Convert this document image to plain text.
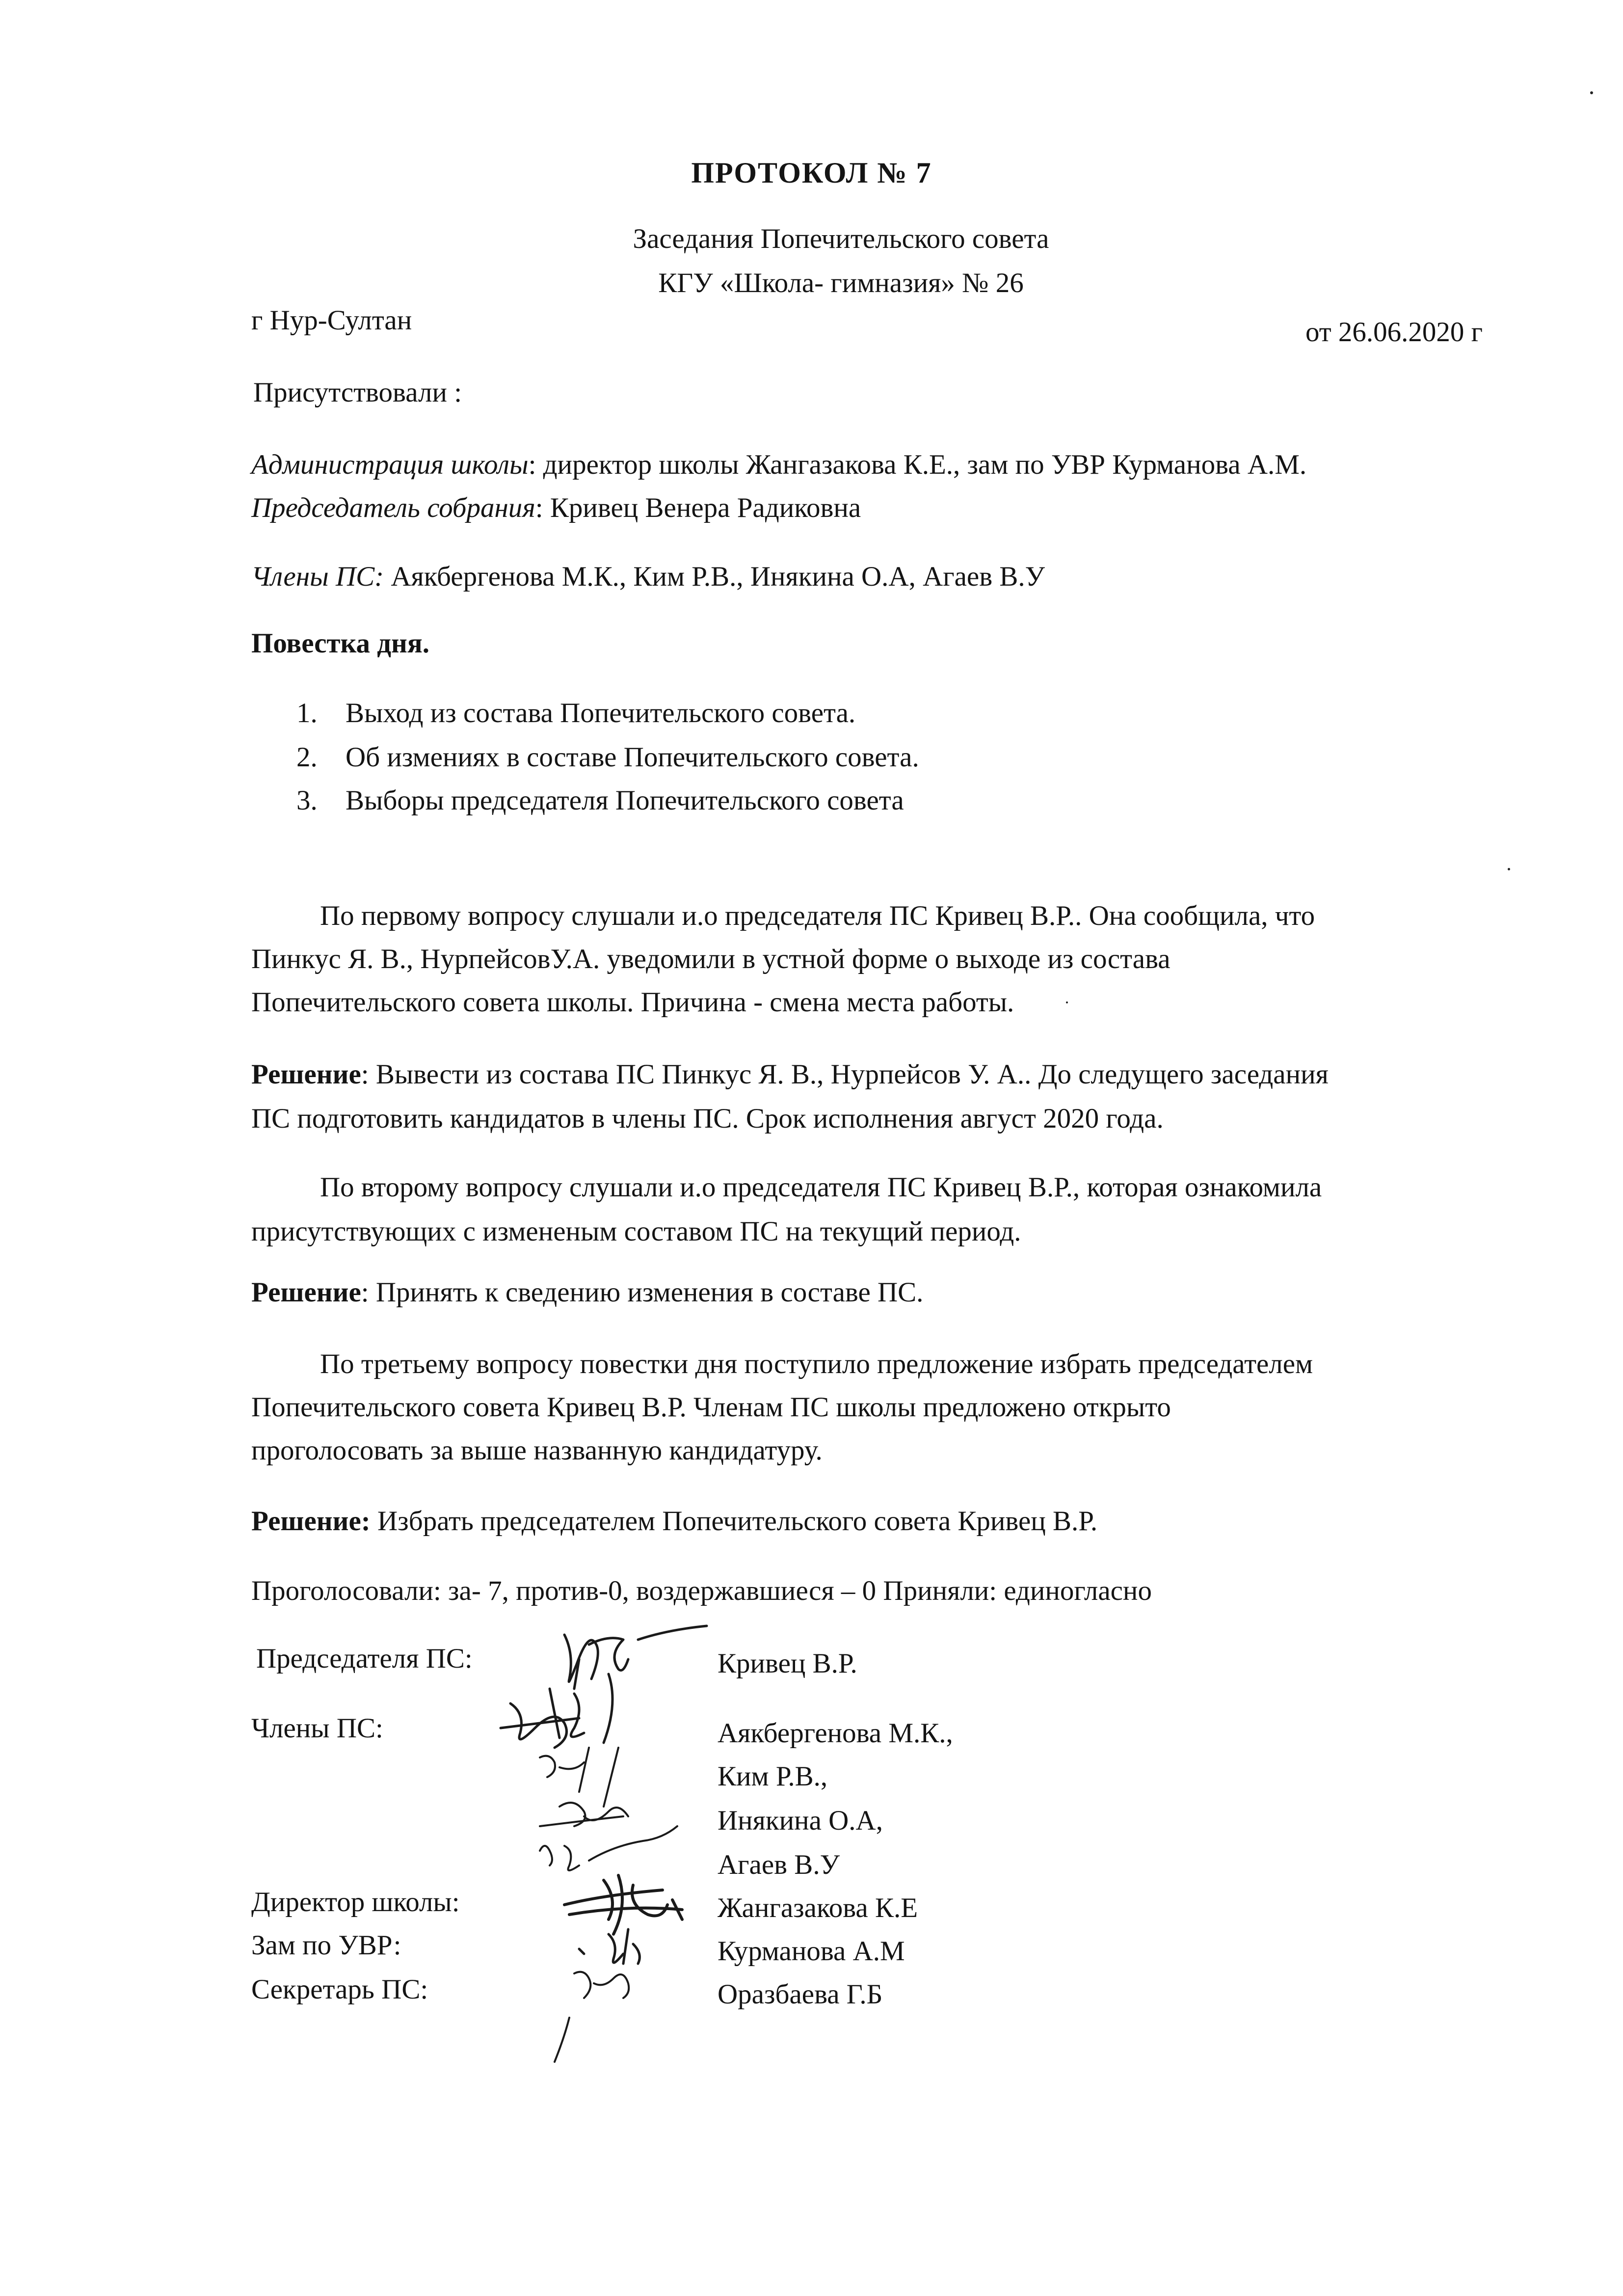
ПРОТОКОЛ № 7
Заседания Попечительского совета
КГУ «Школа- гимназия» № 26
г Нур-Султан	от 26.06.2020 г
Присутствовали :
Администрация школы: директор школы Жангазакова К.Е., зам по УВР Курманова А.М.
Председатель собрания: Кривец Венера Радиковна
Члены ПС: Аякбергенова М.К., Ким Р.В., Инякина О.А, Агаев В.У
Повестка дня.
1. Выход из состава Попечительского совета.
2. Об изменияx в составе Попечительского совета.
3. Выборы председателя Попечительского совета
По первому вопросу слушали и.о председателя ПС Кривец В.Р.. Она сообщила, что
Пинкус Я. В., НурпейсовУ.А. уведомили в устной форме о выходе из состава
Попечительского совета школы. Причина - смена места работы.
Решение: Вывести из состава ПС Пинкус Я. В., Нурпейсов У. А.. До следущего заседания
ПС подготовить кандидатов в члены ПС. Срок исполнения август 2020 года.
По второму вопросу слушали и.о председателя ПС Кривец В.Р., которая ознакомила
присутствующих с измененым составом ПС на текущий период.
Решение: Принять к сведению изменения в составе ПС.
По третьему вопросу повестки дня поступило предложение избрать председателем
Попечительского совета Кривец В.Р. Членам ПС школы предложено открыто
проголосовать за выше названную кандидатуру.
Решение: Избрать председателем Попечительского совета Кривец В.Р.
Проголосовали: за- 7, против-0, воздержавшиеся – 0 Приняли: единогласно
Председателя ПС:	Кривец В.Р.
Члены ПС:	Аякбергенова М.К.,
Ким Р.В.,
Инякина О.А,
Агаев В.У
Директор школы:	Жангазакова К.Е
Зам по УВР:	Курманова А.М
Секретарь ПС:	Оразбаева Г.Б
